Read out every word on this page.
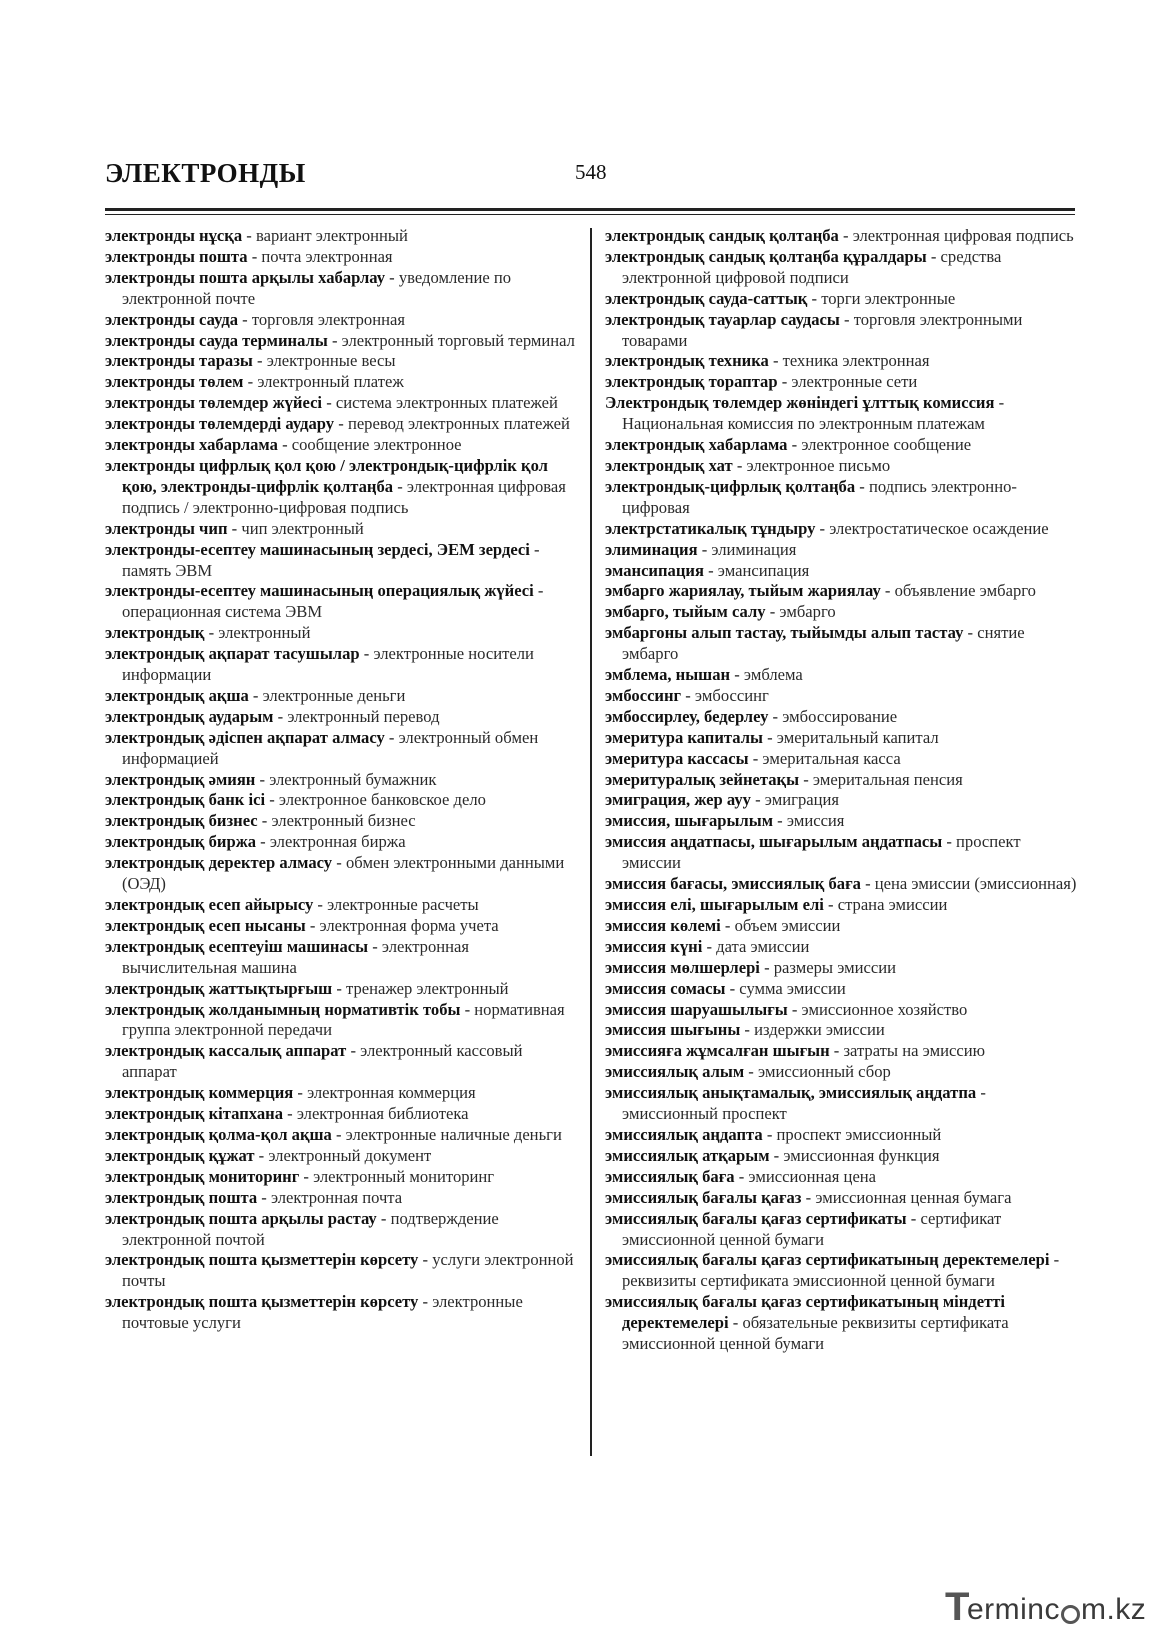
ЭЛЕКТРОНДЫ	548

электронды нұсқа - вариант электронный

электронды пошта - почта электронная

электронды пошта арқылы хабарлау - уведомление по электронной почте

электронды сауда - торговля электронная

электронды сауда терминалы - электронный торговый терминал

электронды таразы - электронные весы

электронды төлем - электронный платеж

электронды төлемдер жүйесі - система электронных платежей

электронды төлемдерді аудару - перевод электронных платежей

электронды хабарлама - сообщение электронное

электронды цифрлық қол қою / электрондық-цифрлік қол қою, электронды-цифрлік қолтаңба - электронная цифровая подпись / электронно-цифровая подпись

электронды чип - чип электронный

электронды-есептеу машинасының зердесі, ЭЕМ зердесі - память ЭВМ

электронды-есептеу машинасының операциялық жүйесі - операционная система ЭВМ

электрондық - электронный

электрондық ақпарат тасушылар - электронные носители информации

электрондық ақша - электронные деньги

электрондық аударым - электронный перевод

электрондық әдіспен ақпарат алмасу - электронный обмен информацией

электрондық әмиян - электронный бумажник

электрондық банк ісі - электронное банковское дело

электрондық бизнес - электронный бизнес

электрондық биржа - электронная биржа

электрондық деректер алмасу - обмен электронными данными (ОЭД)

электрондық есеп айырысу - электронные расчеты

электрондық есеп нысаны - электронная форма учета

электрондық есептеуіш машинасы - электронная вычислительная машина

электрондық жаттықтырғыш - тренажер электронный

электрондық жолданымның нормативтік тобы - нормативная группа электронной передачи

электрондық кассалық аппарат - электронный кассовый аппарат

электрондық коммерция - электронная коммерция

электрондық кітапхана - электронная библиотека

электрондық қолма-қол ақша - электронные наличные деньги

электрондық құжат - электронный документ

электрондық мониторинг - электронный мониторинг

электрондық пошта - электронная почта

электрондық пошта арқылы растау - подтверждение электронной почтой

электрондық пошта қызметтерін көрсету - услуги электронной почты

электрондық пошта қызметтерін көрсету - электронные почтовые услуги

электрондық сандық қолтаңба - электронная цифровая подпись

электрондық сандық қолтаңба құралдары - средства электронной цифровой подписи

электрондық сауда-саттық - торги электронные

электрондық тауарлар саудасы - торговля электронными товарами

электрондық техника - техника электронная

электрондық тораптар - электронные сети

Электрондық төлемдер жөніндегі ұлттық комиссия - Национальная комиссия по электронным платежам

электрондық хабарлама - электронное сообщение

электрондық хат - электронное письмо

электрондық-цифрлық қолтаңба - подпись электронно-цифровая

электрстатикалық тұндыру - электростатическое осаждение

элиминация - элиминация

эмансипация - эмансипация

эмбарго жариялау, тыйым жариялау - объявление эмбарго

эмбарго, тыйым салу - эмбарго

эмбаргоны алып тастау, тыйымды алып тастау - снятие эмбарго

эмблема, нышан - эмблема

эмбоссинг - эмбоссинг

эмбоссирлеу, бедерлеу - эмбоссирование

эмеритура капиталы - эмеритальный капитал

эмеритура кассасы - эмеритальная касса

эмеритуралық зейнетақы - эмеритальная пенсия

эмиграция, жер ауу - эмиграция

эмиссия, шығарылым - эмиссия

эмиссия аңдатпасы, шығарылым аңдатпасы - проспект эмиссии

эмиссия бағасы, эмиссиялық баға - цена эмиссии (эмиссионная)

эмиссия елі, шығарылым елі - страна эмиссии

эмиссия көлемі - объем эмиссии

эмиссия күні - дата эмиссии

эмиссия мөлшерлері - размеры эмиссии

эмиссия сомасы - сумма эмиссии

эмиссия шаруашылығы - эмиссионное хозяйство

эмиссия шығыны - издержки эмиссии

эмиссияға жұмсалған шығын - затраты на эмиссию

эмиссиялық алым - эмиссионный сбор

эмиссиялық анықтамалық, эмиссиялық аңдатпа - эмиссионный проспект

эмиссиялық аңдапта - проспект эмиссионный

эмиссиялық атқарым - эмиссионная функция

эмиссиялық баға - эмиссионная цена

эмиссиялық бағалы қағаз - эмиссионная ценная бумага

эмиссиялық бағалы қағаз сертификаты - сертификат эмиссионной ценной бумаги

эмиссиялық бағалы қағаз сертификатының деректемелері - реквизиты сертификата эмиссионной ценной бумаги

эмиссиялық бағалы қағаз сертификатының міндетті деректемелері - обязательные реквизиты сертификата эмиссионной ценной бумаги

T
erminc m.kz
